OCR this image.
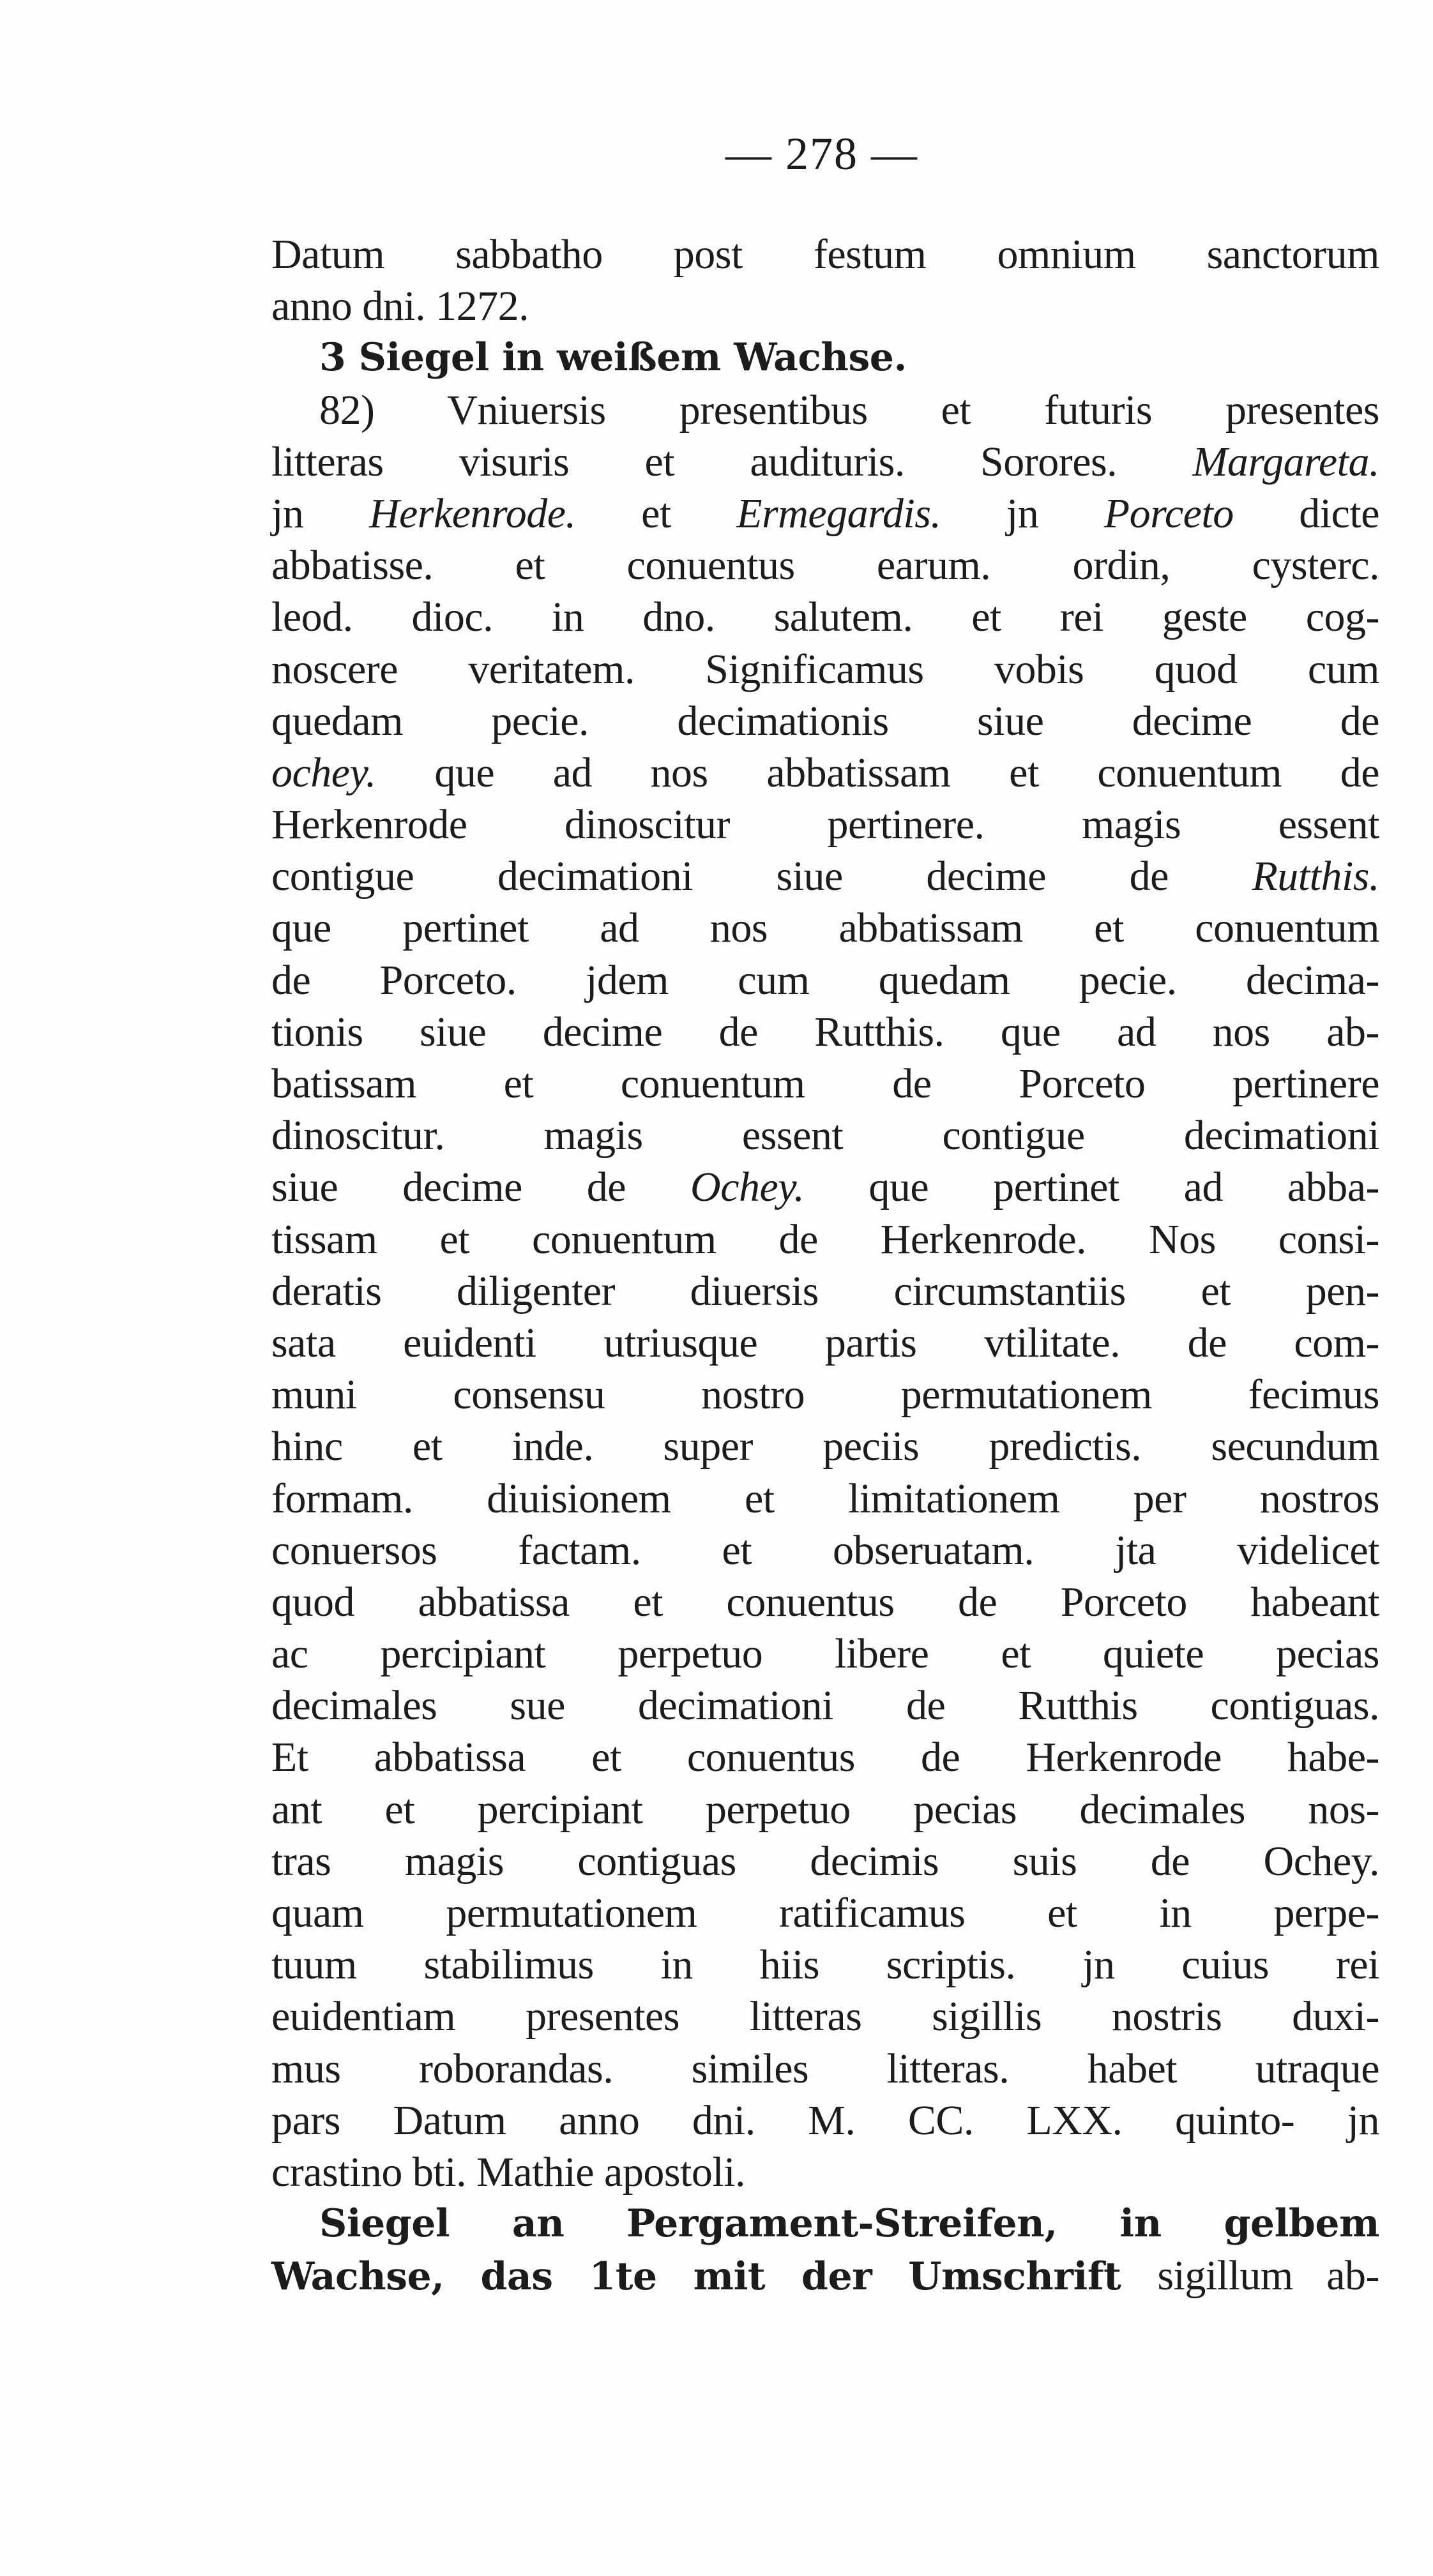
— 278 —
Datum sabbatho post festum omnium sanctorum
anno dni. 1272.
3 Siegel in weißem Wachse.
82) Vniuersis presentibus et futuris presentes
litteras visuris et audituris. Sorores. Margareta.
jn Herkenrode. et Ermegardis. jn Porceto dicte
abbatisse. et conuentus earum. ordin, cysterc.
leod. dioc. in dno. salutem. et rei geste cog-
noscere veritatem. Significamus vobis quod cum
quedam pecie. decimationis siue decime de
ochey. que ad nos abbatissam et conuentum de
Herkenrode dinoscitur pertinere. magis essent
contigue decimationi siue decime de Rutthis.
que pertinet ad nos abbatissam et conuentum
de Porceto. jdem cum quedam pecie. decima-
tionis siue decime de Rutthis. que ad nos ab-
batissam et conuentum de Porceto pertinere
dinoscitur. magis essent contigue decimationi
siue decime de Ochey. que pertinet ad abba-
tissam et conuentum de Herkenrode. Nos consi-
deratis diligenter diuersis circumstantiis et pen-
sata euidenti utriusque partis vtilitate. de com-
muni consensu nostro permutationem fecimus
hinc et inde. super peciis predictis. secundum
formam. diuisionem et limitationem per nostros
conuersos factam. et obseruatam. jta videlicet
quod abbatissa et conuentus de Porceto habeant
ac percipiant perpetuo libere et quiete pecias
decimales sue decimationi de Rutthis contiguas.
Et abbatissa et conuentus de Herkenrode habe-
ant et percipiant perpetuo pecias decimales nos-
tras magis contiguas decimis suis de Ochey.
quam permutationem ratificamus et in perpe-
tuum stabilimus in hiis scriptis. jn cuius rei
euidentiam presentes litteras sigillis nostris duxi-
mus roborandas. similes litteras. habet utraque
pars Datum anno dni. M. CC. LXX. quinto- jn
crastino bti. Mathie apostoli.
Siegel an Pergament-Streifen, in gelbem
Wachse, das 1te mit der Umschrift sigillum ab-
